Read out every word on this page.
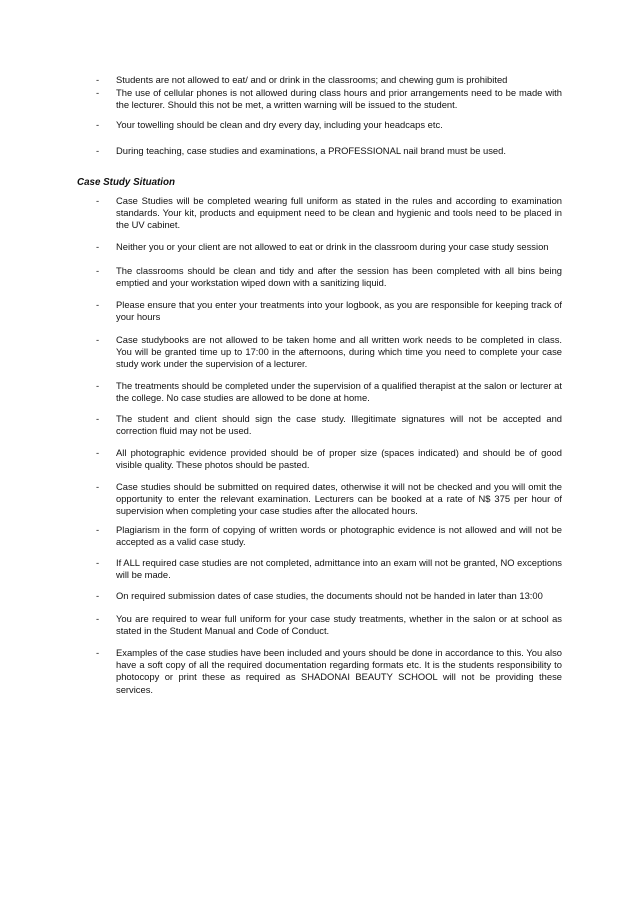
- Students are not allowed to eat/ and or drink in the classrooms; and chewing gum is prohibited
- The use of cellular phones is not allowed during class hours and prior arrangements need to be made with the lecturer. Should this not be met, a written warning will be issued to the student.
- Your towelling should be clean and dry every day, including your headcaps etc.
- During teaching, case studies and examinations, a PROFESSIONAL nail brand must be used.
Case Study Situation
- Case Studies will be completed wearing full uniform as stated in the rules and according to examination standards. Your kit, products and equipment need to be clean and hygienic and tools need to be placed in the UV cabinet.
- Neither you or your client are not allowed to eat or drink in the classroom during your case study session
- The classrooms should be clean and tidy and after the session has been completed with all bins being emptied and your workstation wiped down with a sanitizing liquid.
- Please ensure that you enter your treatments into your logbook, as you are responsible for keeping track of your hours
- Case studybooks are not allowed to be taken home and all written work needs to be completed in class. You will be granted time up to 17:00 in the afternoons, during which time you need to complete your case study work under the supervision of a lecturer.
- The treatments should be completed under the supervision of a qualified therapist at the salon or lecturer at the college. No case studies are allowed to be done at home.
- The student and client should sign the case study. Illegitimate signatures will not be accepted and correction fluid may not be used.
- All photographic evidence provided should be of proper size (spaces indicated) and should be of good visible quality. These photos should be pasted.
- Case studies should be submitted on required dates, otherwise it will not be checked and you will omit the opportunity to enter the relevant examination. Lecturers can be booked at a rate of N$ 375 per hour of supervision when completing your case studies after the allocated hours.
- Plagiarism in the form of copying of written words or photographic evidence is not allowed and will not be accepted as a valid case study.
- If ALL required case studies are not completed, admittance into an exam will not be granted, NO exceptions will be made.
- On required submission dates of case studies, the documents should not be handed in later than 13:00
- You are required to wear full uniform for your case study treatments, whether in the salon or at school as stated in the Student Manual and Code of Conduct.
- Examples of the case studies have been included and yours should be done in accordance to this. You also have a soft copy of all the required documentation regarding formats etc. It is the students responsibility to photocopy or print these as required as SHADONAI BEAUTY SCHOOL will not be providing these services.
